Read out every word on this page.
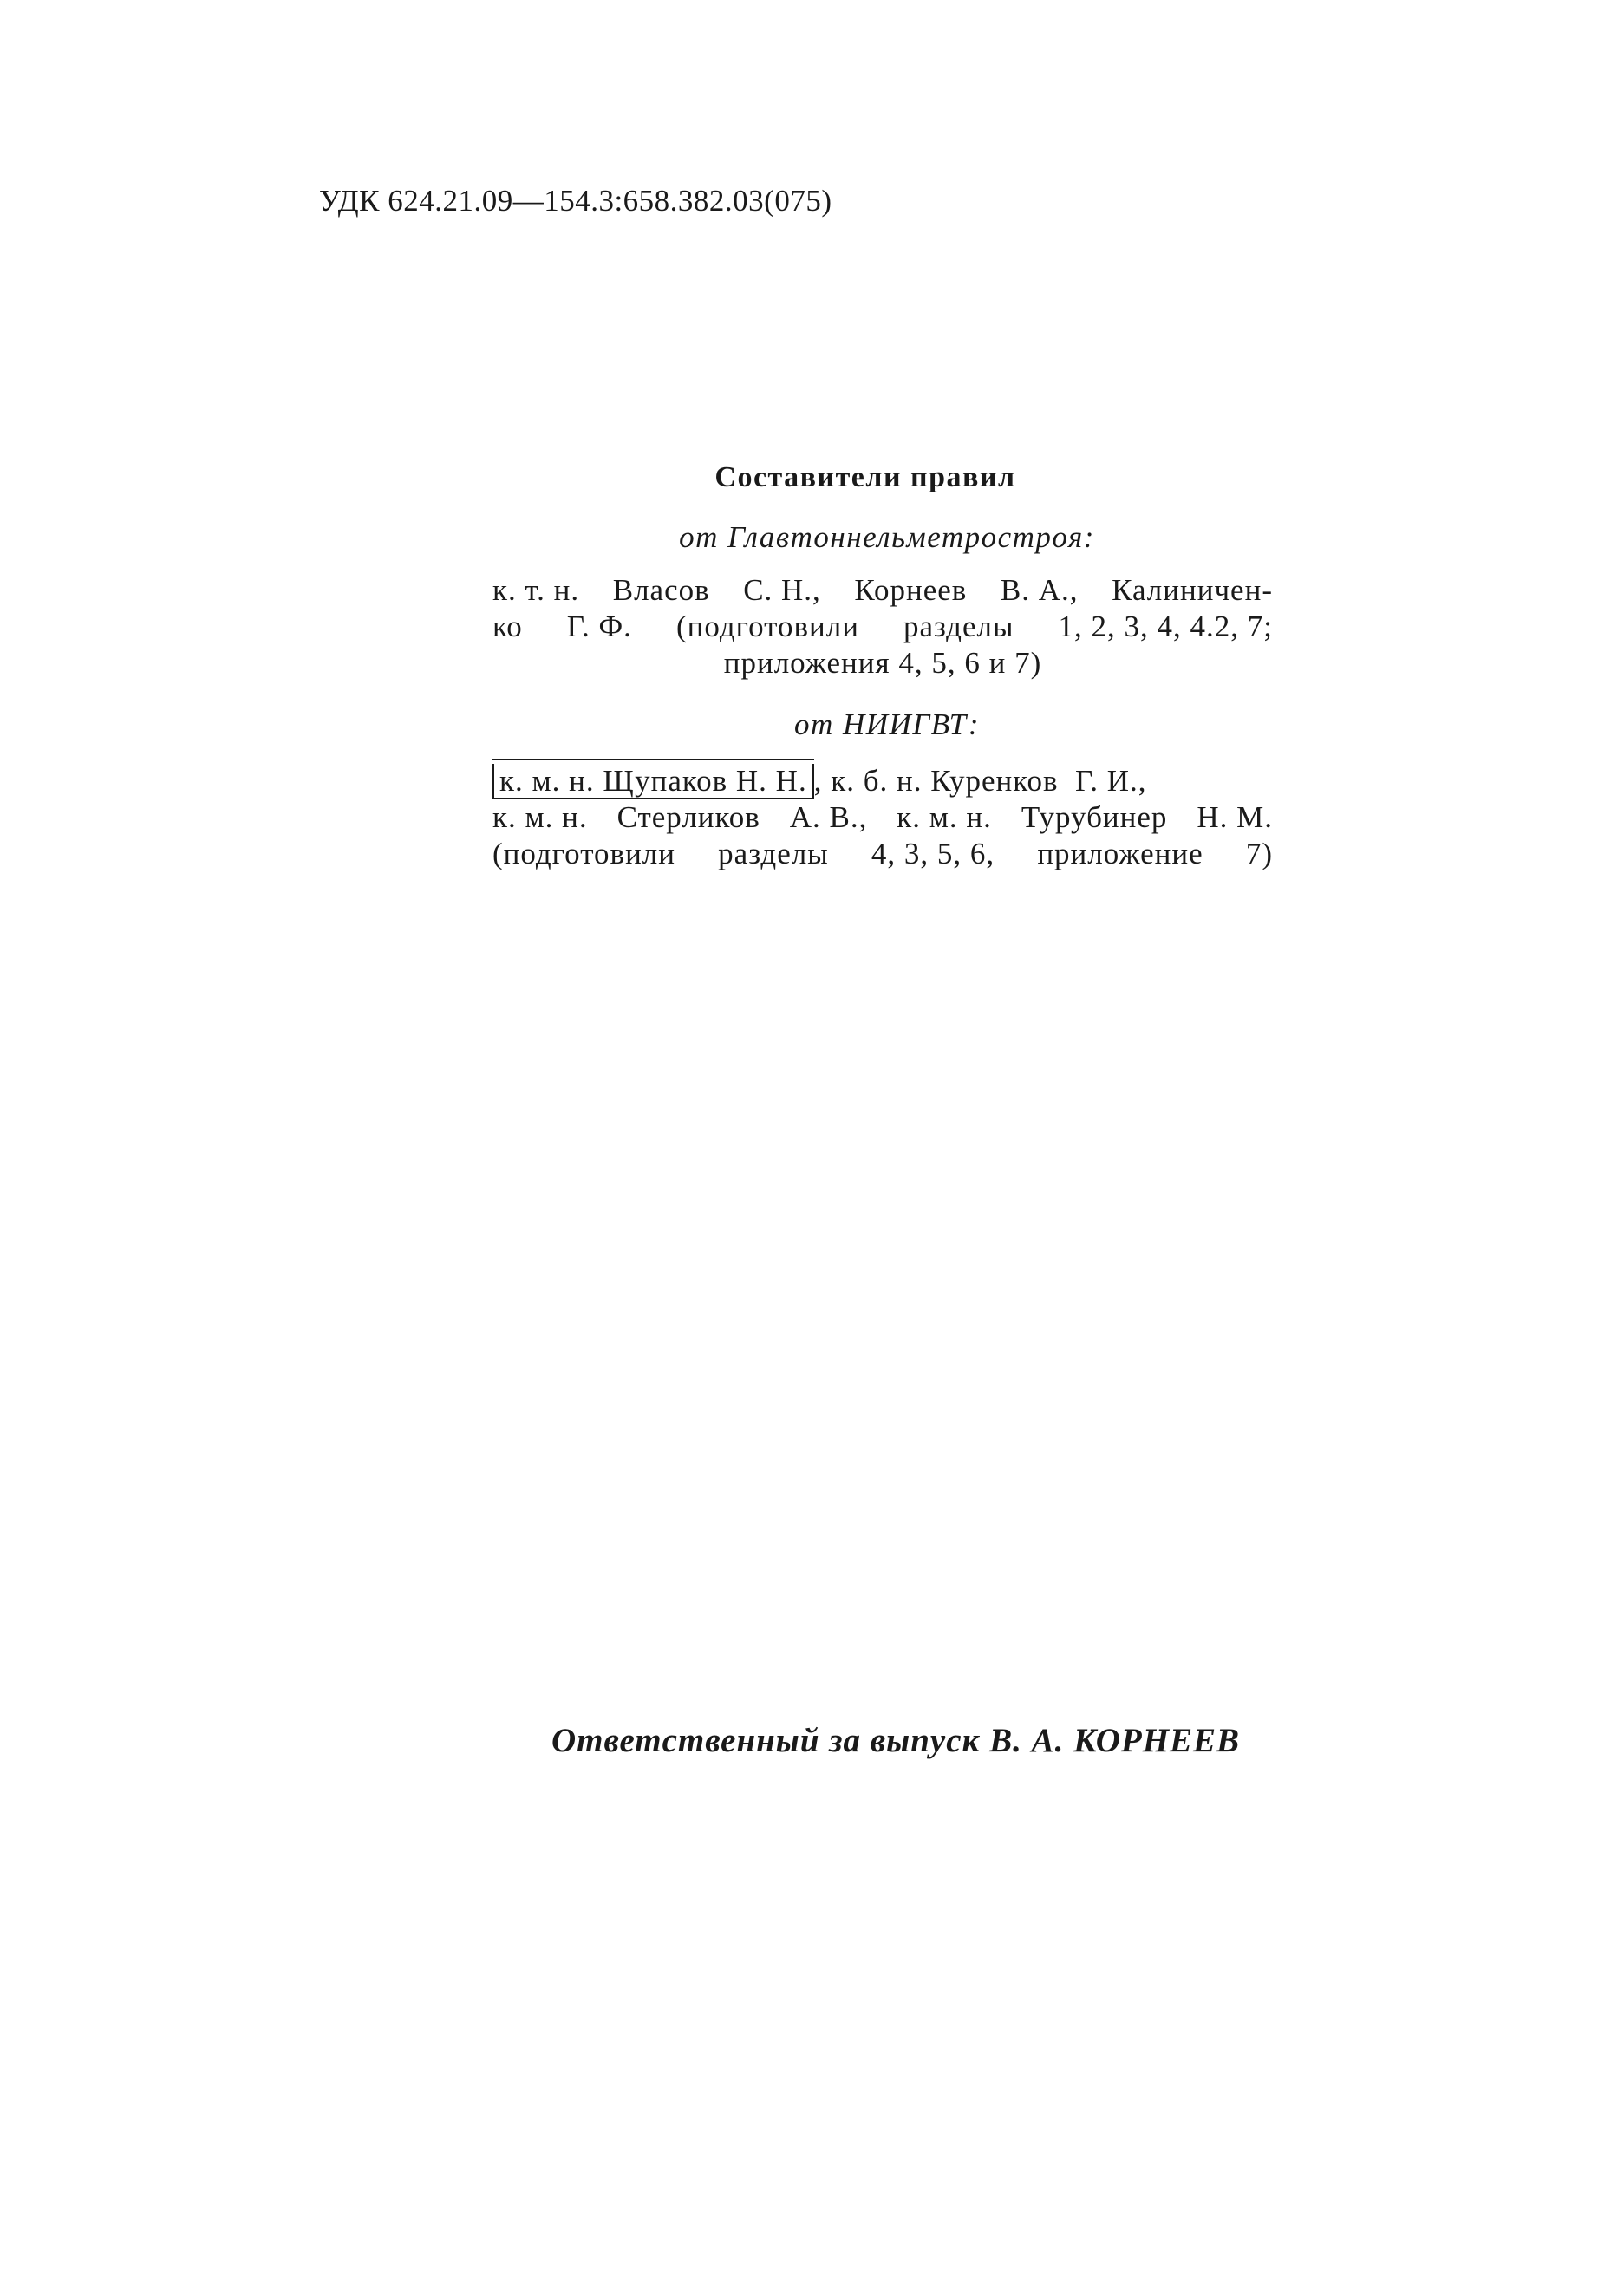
УДК 624.21.09—154.3:658.382.03(075)
Составители правил
от Главтоннельметростроя:
к. т. н. Власов С. Н., Корнеев В. А., Калиничен-
ко Г. Ф. (подготовили разделы 1, 2, 3, 4, 4.2, 7;
приложения 4, 5, 6 и 7)
от НИИГВТ:
к. м. н. Щупаков Н. Н. , к. б. н. Куренков Г. И.,
к. м. н. Стерликов А. В., к. м. н. Турубинер Н. М.
(подготовили разделы 4, 3, 5, 6, приложение 7)
Ответственный за выпуск В. А. КОРНЕЕВ
